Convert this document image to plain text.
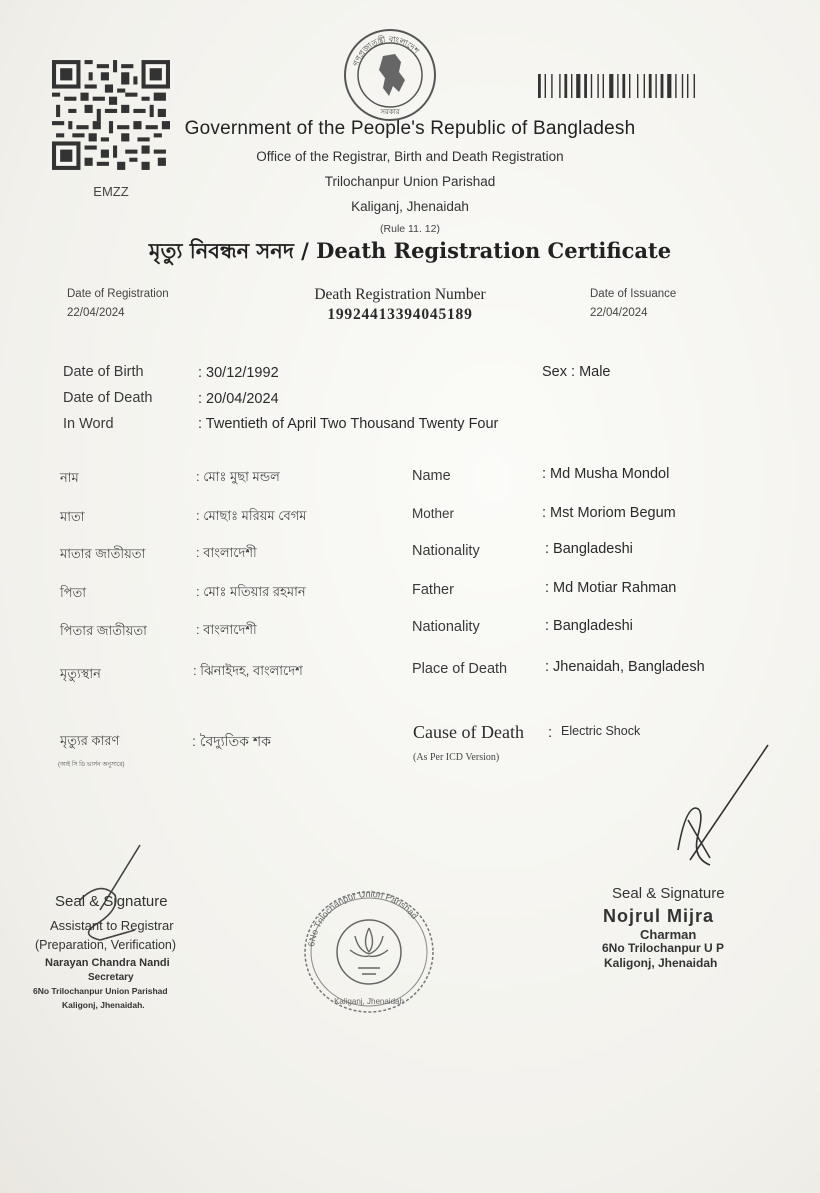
EMZZ
গণপ্রজাতন্ত্রী বাংলাদেশ
সরকার
Government of the People's Republic of Bangladesh
Office of the Registrar, Birth and Death Registration
Trilochanpur Union Parishad
Kaliganj, Jhenaidah
(Rule 11. 12)
মৃত্যু নিবন্ধন সনদ / Death Registration Certificate
Date of Registration
22/04/2024
Death Registration Number
19924413394045189
Date of Issuance
22/04/2024
Date of Birth	: 30/12/1992	Sex : Male
Date of Death	: 20/04/2024
In Word	: Twentieth of April Two Thousand Twenty Four
নাম	: মোঃ মুছা মন্ডল	Name	: Md Musha Mondol
মাতা	: মোছাঃ মরিয়ম বেগম	Mother	: Mst Moriom Begum
মাতার জাতীয়তা	: বাংলাদেশী	Nationality	: Bangladeshi
পিতা	: মোঃ মতিয়ার রহমান	Father	: Md Motiar Rahman
পিতার জাতীয়তা	: বাংলাদেশী	Nationality	: Bangladeshi
মৃত্যুস্থান	: ঝিনাইদহ, বাংলাদেশ	Place of Death	: Jhenaidah, Bangladesh
মৃত্যুর কারণ
(আই সি ডি ভার্সন অনুসারে)
: বৈদ্যুতিক শক	Cause of Death : Electric Shock
(As Per ICD Version)
Seal & Signature
Assistant to Registrar
(Preparation, Verification)
Narayan Chandra Nandi
Secretary
6No Trilochanpur Union Parishad
Kaligonj, Jhenaidah.
6No Trilochanpur Union Parishad
Kaliganj, Jhenaidah
Seal & Signature
Nojrul Mijra
Charman
6No Trilochanpur U P
Kaligonj, Jhenaidah
